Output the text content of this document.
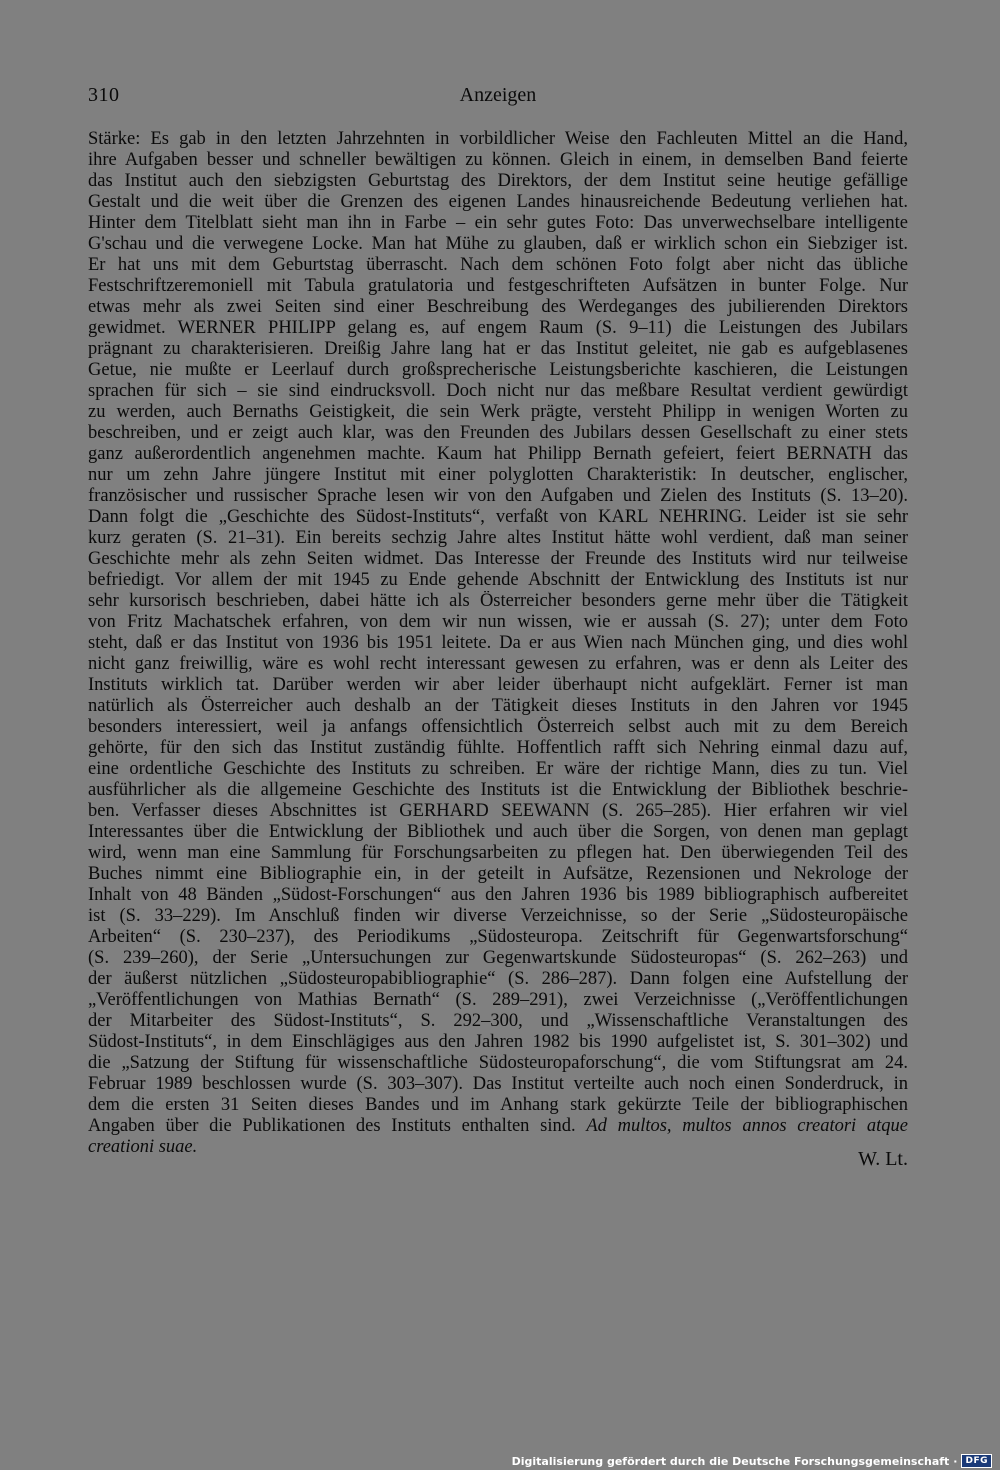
310	Anzeigen
Stärke: Es gab in den letzten Jahrzehnten in vorbildlicher Weise den Fachleuten Mittel an die Hand,
ihre Aufgaben besser und schneller bewältigen zu können. Gleich in einem, in demselben Band feierte
das Institut auch den siebzigsten Geburtstag des Direktors, der dem Institut seine heutige gefällige
Gestalt und die weit über die Grenzen des eigenen Landes hinausreichende Bedeutung verliehen hat.
Hinter dem Titelblatt sieht man ihn in Farbe – ein sehr gutes Foto: Das unverwechselbare intelligente
G'schau und die verwegene Locke. Man hat Mühe zu glauben, daß er wirklich schon ein Siebziger ist.
Er hat uns mit dem Geburtstag überrascht. Nach dem schönen Foto folgt aber nicht das übliche
Festschriftzeremoniell mit Tabula gratulatoria und festgeschrifteten Aufsätzen in bunter Folge. Nur
etwas mehr als zwei Seiten sind einer Beschreibung des Werdeganges des jubilierenden Direktors
gewidmet. WERNER PHILIPP gelang es, auf engem Raum (S. 9–11) die Leistungen des Jubilars
prägnant zu charakterisieren. Dreißig Jahre lang hat er das Institut geleitet, nie gab es aufgeblasenes
Getue, nie mußte er Leerlauf durch großsprecherische Leistungsberichte kaschieren, die Leistungen
sprachen für sich – sie sind eindrucksvoll. Doch nicht nur das meßbare Resultat verdient gewürdigt
zu werden, auch Bernaths Geistigkeit, die sein Werk prägte, versteht Philipp in wenigen Worten zu
beschreiben, und er zeigt auch klar, was den Freunden des Jubilars dessen Gesellschaft zu einer stets
ganz außerordentlich angenehmen machte. Kaum hat Philipp Bernath gefeiert, feiert BERNATH das
nur um zehn Jahre jüngere Institut mit einer polyglotten Charakteristik: In deutscher, englischer,
französischer und russischer Sprache lesen wir von den Aufgaben und Zielen des Instituts (S. 13–20).
Dann folgt die „Geschichte des Südost-Instituts“, verfaßt von KARL NEHRING. Leider ist sie sehr
kurz geraten (S. 21–31). Ein bereits sechzig Jahre altes Institut hätte wohl verdient, daß man seiner
Geschichte mehr als zehn Seiten widmet. Das Interesse der Freunde des Instituts wird nur teilweise
befriedigt. Vor allem der mit 1945 zu Ende gehende Abschnitt der Entwicklung des Instituts ist nur
sehr kursorisch beschrieben, dabei hätte ich als Österreicher besonders gerne mehr über die Tätigkeit
von Fritz Machatschek erfahren, von dem wir nun wissen, wie er aussah (S. 27); unter dem Foto
steht, daß er das Institut von 1936 bis 1951 leitete. Da er aus Wien nach München ging, und dies wohl
nicht ganz freiwillig, wäre es wohl recht interessant gewesen zu erfahren, was er denn als Leiter des
Instituts wirklich tat. Darüber werden wir aber leider überhaupt nicht aufgeklärt. Ferner ist man
natürlich als Österreicher auch deshalb an der Tätigkeit dieses Instituts in den Jahren vor 1945
besonders interessiert, weil ja anfangs offensichtlich Österreich selbst auch mit zu dem Bereich
gehörte, für den sich das Institut zuständig fühlte. Hoffentlich rafft sich Nehring einmal dazu auf,
eine ordentliche Geschichte des Instituts zu schreiben. Er wäre der richtige Mann, dies zu tun. Viel
ausführlicher als die allgemeine Geschichte des Instituts ist die Entwicklung der Bibliothek beschrie-
ben. Verfasser dieses Abschnittes ist GERHARD SEEWANN (S. 265–285). Hier erfahren wir viel
Interessantes über die Entwicklung der Bibliothek und auch über die Sorgen, von denen man geplagt
wird, wenn man eine Sammlung für Forschungsarbeiten zu pflegen hat. Den überwiegenden Teil des
Buches nimmt eine Bibliographie ein, in der geteilt in Aufsätze, Rezensionen und Nekrologe der
Inhalt von 48 Bänden „Südost-Forschungen“ aus den Jahren 1936 bis 1989 bibliographisch aufbereitet
ist (S. 33–229). Im Anschluß finden wir diverse Verzeichnisse, so der Serie „Südosteuropäische
Arbeiten“ (S. 230–237), des Periodikums „Südosteuropa. Zeitschrift für Gegenwartsforschung“
(S. 239–260), der Serie „Untersuchungen zur Gegenwartskunde Südosteuropas“ (S. 262–263) und
der äußerst nützlichen „Südosteuropabibliographie“ (S. 286–287). Dann folgen eine Aufstellung der
„Veröffentlichungen von Mathias Bernath“ (S. 289–291), zwei Verzeichnisse („Veröffentlichungen
der Mitarbeiter des Südost-Instituts“, S. 292–300, und „Wissenschaftliche Veranstaltungen des
Südost-Instituts“, in dem Einschlägiges aus den Jahren 1982 bis 1990 aufgelistet ist, S. 301–302) und
die „Satzung der Stiftung für wissenschaftliche Südosteuropaforschung“, die vom Stiftungsrat am 24.
Februar 1989 beschlossen wurde (S. 303–307). Das Institut verteilte auch noch einen Sonderdruck, in
dem die ersten 31 Seiten dieses Bandes und im Anhang stark gekürzte Teile der bibliographischen
Angaben über die Publikationen des Instituts enthalten sind. Ad multos, multos annos creatori atque
creationi suae.
W. Lt.
Digitalisierung gefördert durch die Deutsche Forschungsgemeinschaft · DFG
